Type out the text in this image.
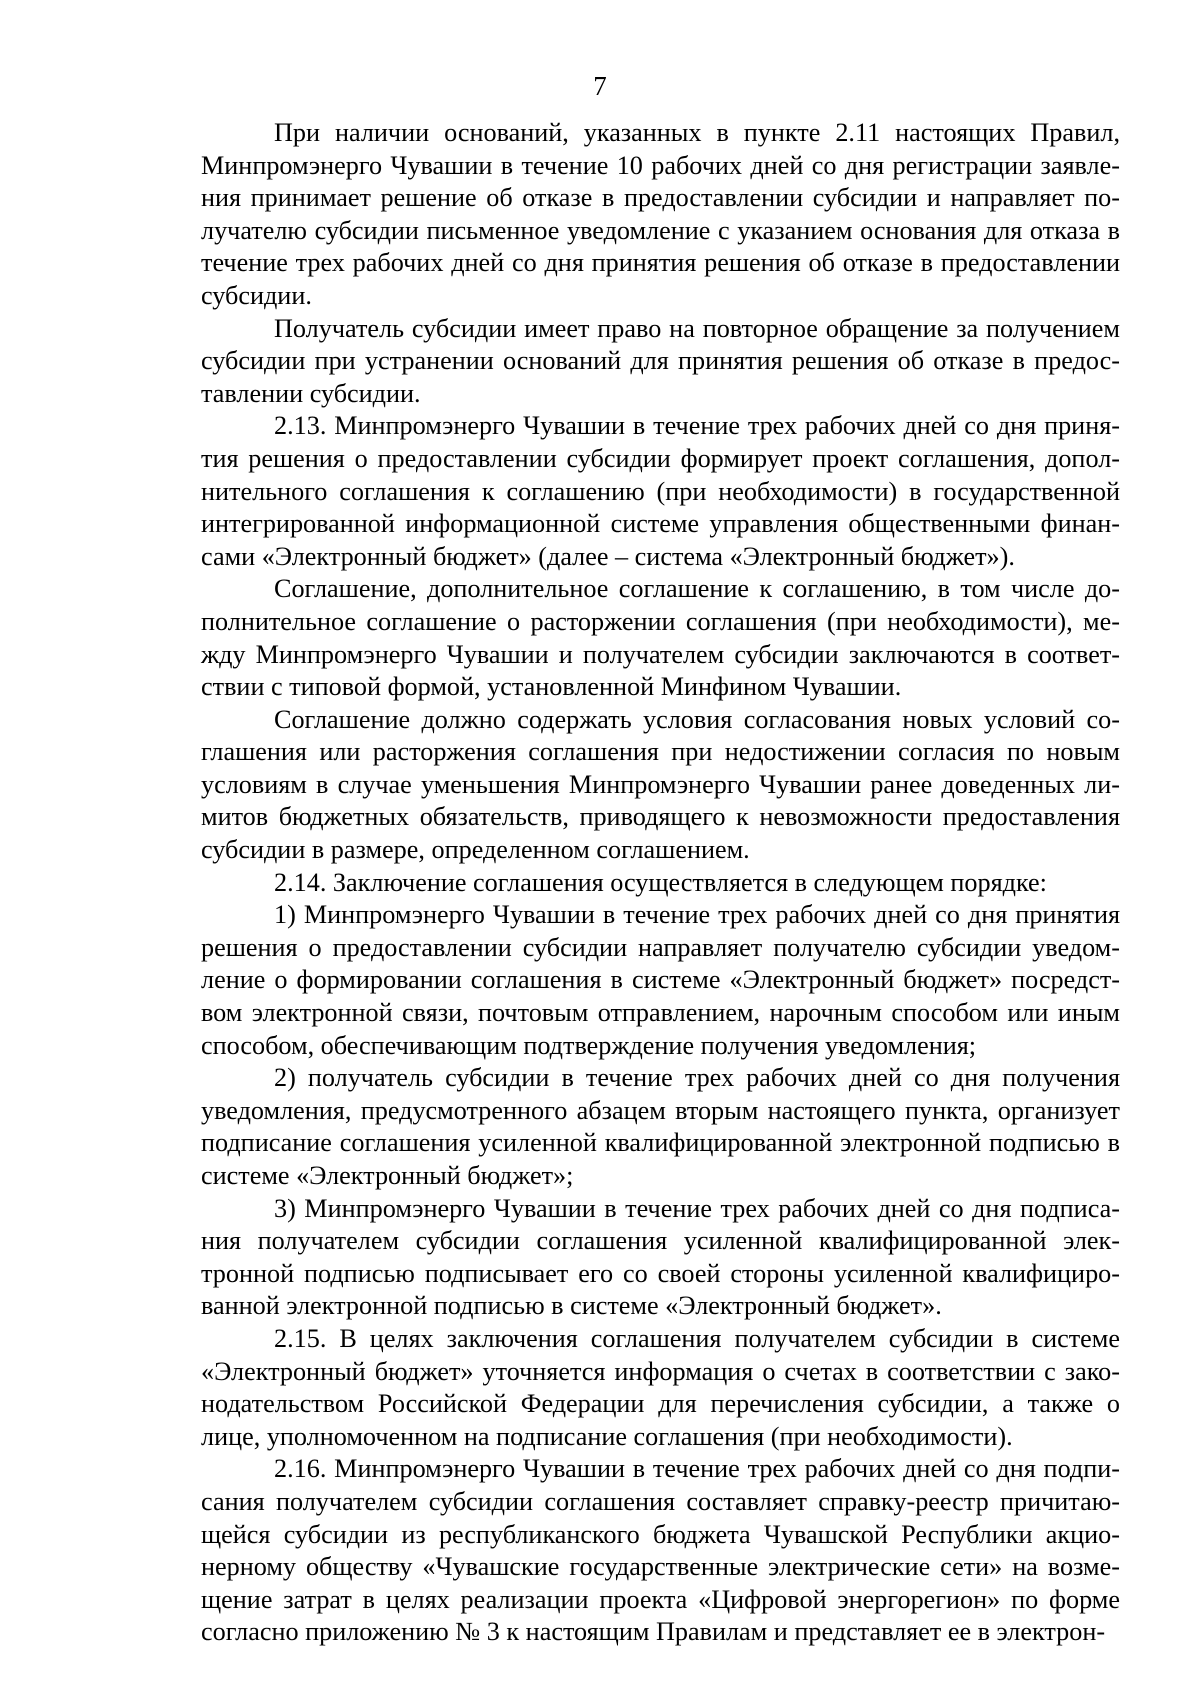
7

При наличии оснований, указанных в пункте 2.11 настоящих Правил, Минпромэнерго Чувашии в течение 10 рабочих дней со дня регистрации заявления принимает решение об отказе в предоставлении субсидии и направляет получателю субсидии письменное уведомление с указанием основания для отказа в течение трех рабочих дней со дня принятия решения об отказе в предоставлении субсидии.

Получатель субсидии имеет право на повторное обращение за получением субсидии при устранении оснований для принятия решения об отказе в предоставлении субсидии.

2.13. Минпромэнерго Чувашии в течение трех рабочих дней со дня принятия решения о предоставлении субсидии формирует проект соглашения, дополнительного соглашения к соглашению (при необходимости) в государственной интегрированной информационной системе управления общественными финансами «Электронный бюджет» (далее – система «Электронный бюджет»).

Соглашение, дополнительное соглашение к соглашению, в том числе дополнительное соглашение о расторжении соглашения (при необходимости), между Минпромэнерго Чувашии и получателем субсидии заключаются в соответствии с типовой формой, установленной Минфином Чувашии.

Соглашение должно содержать условия согласования новых условий соглашения или расторжения соглашения при недостижении согласия по новым условиям в случае уменьшения Минпромэнерго Чувашии ранее доведенных лимитов бюджетных обязательств, приводящего к невозможности предоставления субсидии в размере, определенном соглашением.

2.14. Заключение соглашения осуществляется в следующем порядке:

1) Минпромэнерго Чувашии в течение трех рабочих дней со дня принятия решения о предоставлении субсидии направляет получателю субсидии уведомление о формировании соглашения в системе «Электронный бюджет» посредством электронной связи, почтовым отправлением, нарочным способом или иным способом, обеспечивающим подтверждение получения уведомления;

2) получатель субсидии в течение трех рабочих дней со дня получения уведомления, предусмотренного абзацем вторым настоящего пункта, организует подписание соглашения усиленной квалифицированной электронной подписью в системе «Электронный бюджет»;

3) Минпромэнерго Чувашии в течение трех рабочих дней со дня подписания получателем субсидии соглашения усиленной квалифицированной электронной подписью подписывает его со своей стороны усиленной квалифицированной электронной подписью в системе «Электронный бюджет».

2.15. В целях заключения соглашения получателем субсидии в системе «Электронный бюджет» уточняется информация о счетах в соответствии с законодательством Российской Федерации для перечисления субсидии, а также о лице, уполномоченном на подписание соглашения (при необходимости).

2.16. Минпромэнерго Чувашии в течение трех рабочих дней со дня подписания получателем субсидии соглашения составляет справку-реестр причитающейся субсидии из республиканского бюджета Чувашской Республики акционерному обществу «Чувашские государственные электрические сети» на возмещение затрат в целях реализации проекта «Цифровой энергорегион» по форме согласно приложению № 3 к настоящим Правилам и представляет ее в электрон-
